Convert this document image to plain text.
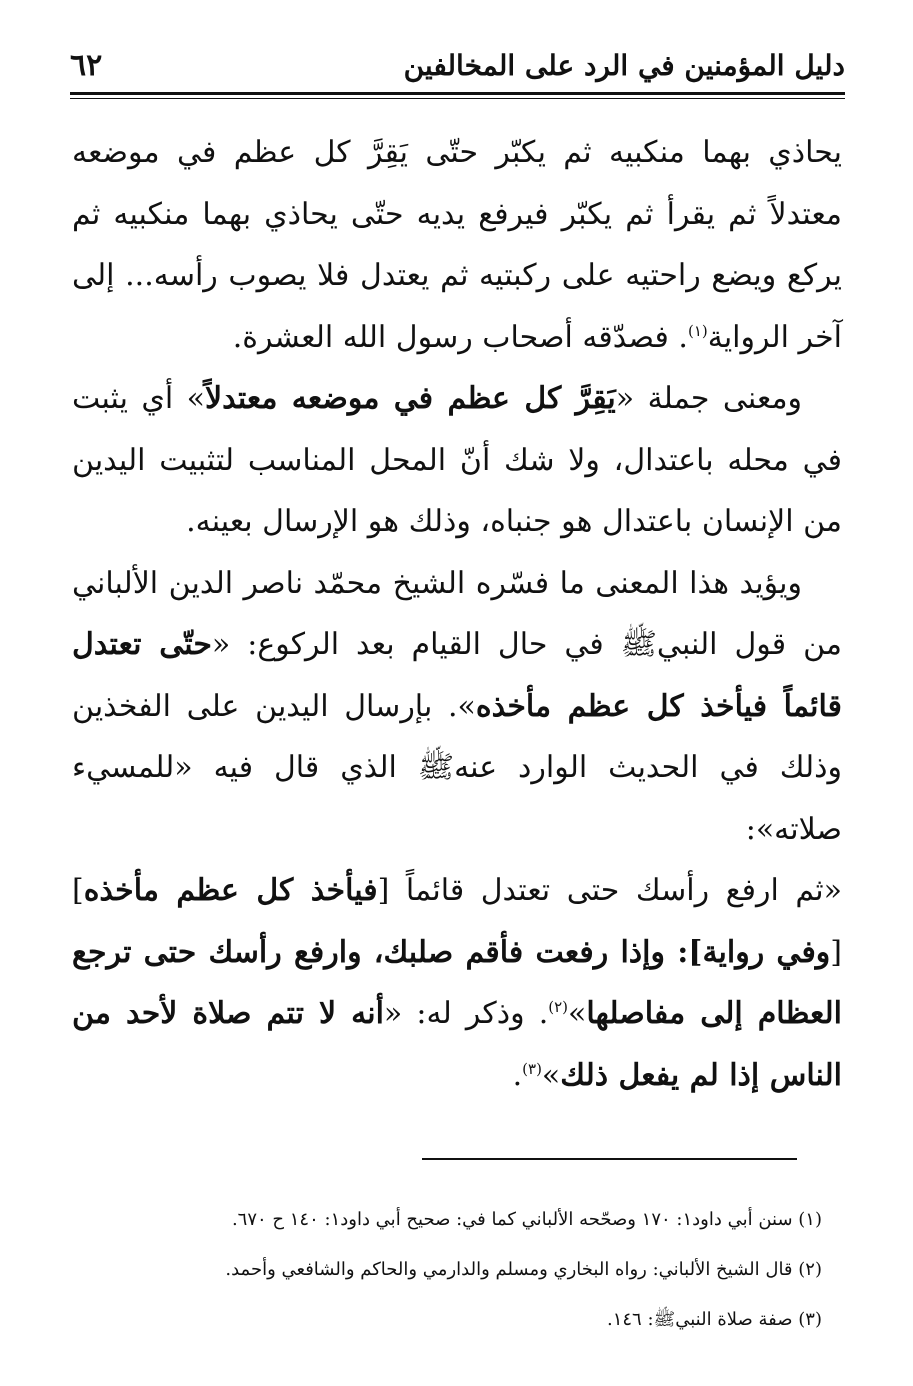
دليل المؤمنين في الرد على المخالفين
٦٢

يحاذي بهما منكبيه ثم يكبّر حتّى يَقِرَّ كل عظم في موضعه معتدلاً ثم يقرأ ثم يكبّر فيرفع يديه حتّى يحاذي بهما منكبيه ثم يركع ويضع راحتيه على ركبتيه ثم يعتدل فلا يصوب رأسه... إلى آخر الرواية$^{(١)}$. فصدّقه أصحاب رسول الله العشرة.

ومعنى جملة «يَقِرَّ كل عظم في موضعه معتدلاً» أي يثبت في محله باعتدال، ولا شك أنّ المحل المناسب لتثبيت اليدين من الإنسان باعتدال هو جنباه، وذلك هو الإرسال بعينه.

ويؤيد هذا المعنى ما فسّره الشيخ محمّد ناصر الدين الألباني من قول النبيﷺ في حال القيام بعد الركوع: «حتّى تعتدل قائماً فيأخذ كل عظم مأخذه». بإرسال اليدين على الفخذين وذلك في الحديث الوارد عنهﷺ الذي قال فيه «للمسيء صلاته»:

«ثم ارفع رأسك حتى تعتدل قائماً [فيأخذ كل عظم مأخذه] [وفي رواية]: وإذا رفعت فأقم صلبك، وارفع رأسك حتى ترجع العظام إلى مفاصلها»$^{(٢)}$. وذكر له: «أنه لا تتم صلاة لأحد من الناس إذا لم يفعل ذلك»$^{(٣)}$.

(١) سنن أبي داود١: ١٧٠ وصحّحه الألباني كما في: صحيح أبي داود١: ١٤٠ ح ٦٧٠.
(٢) قال الشيخ الألباني: رواه البخاري ومسلم والدارمي والحاكم والشافعي وأحمد.
(٣) صفة صلاة النبيﷺ: ١٤٦.
